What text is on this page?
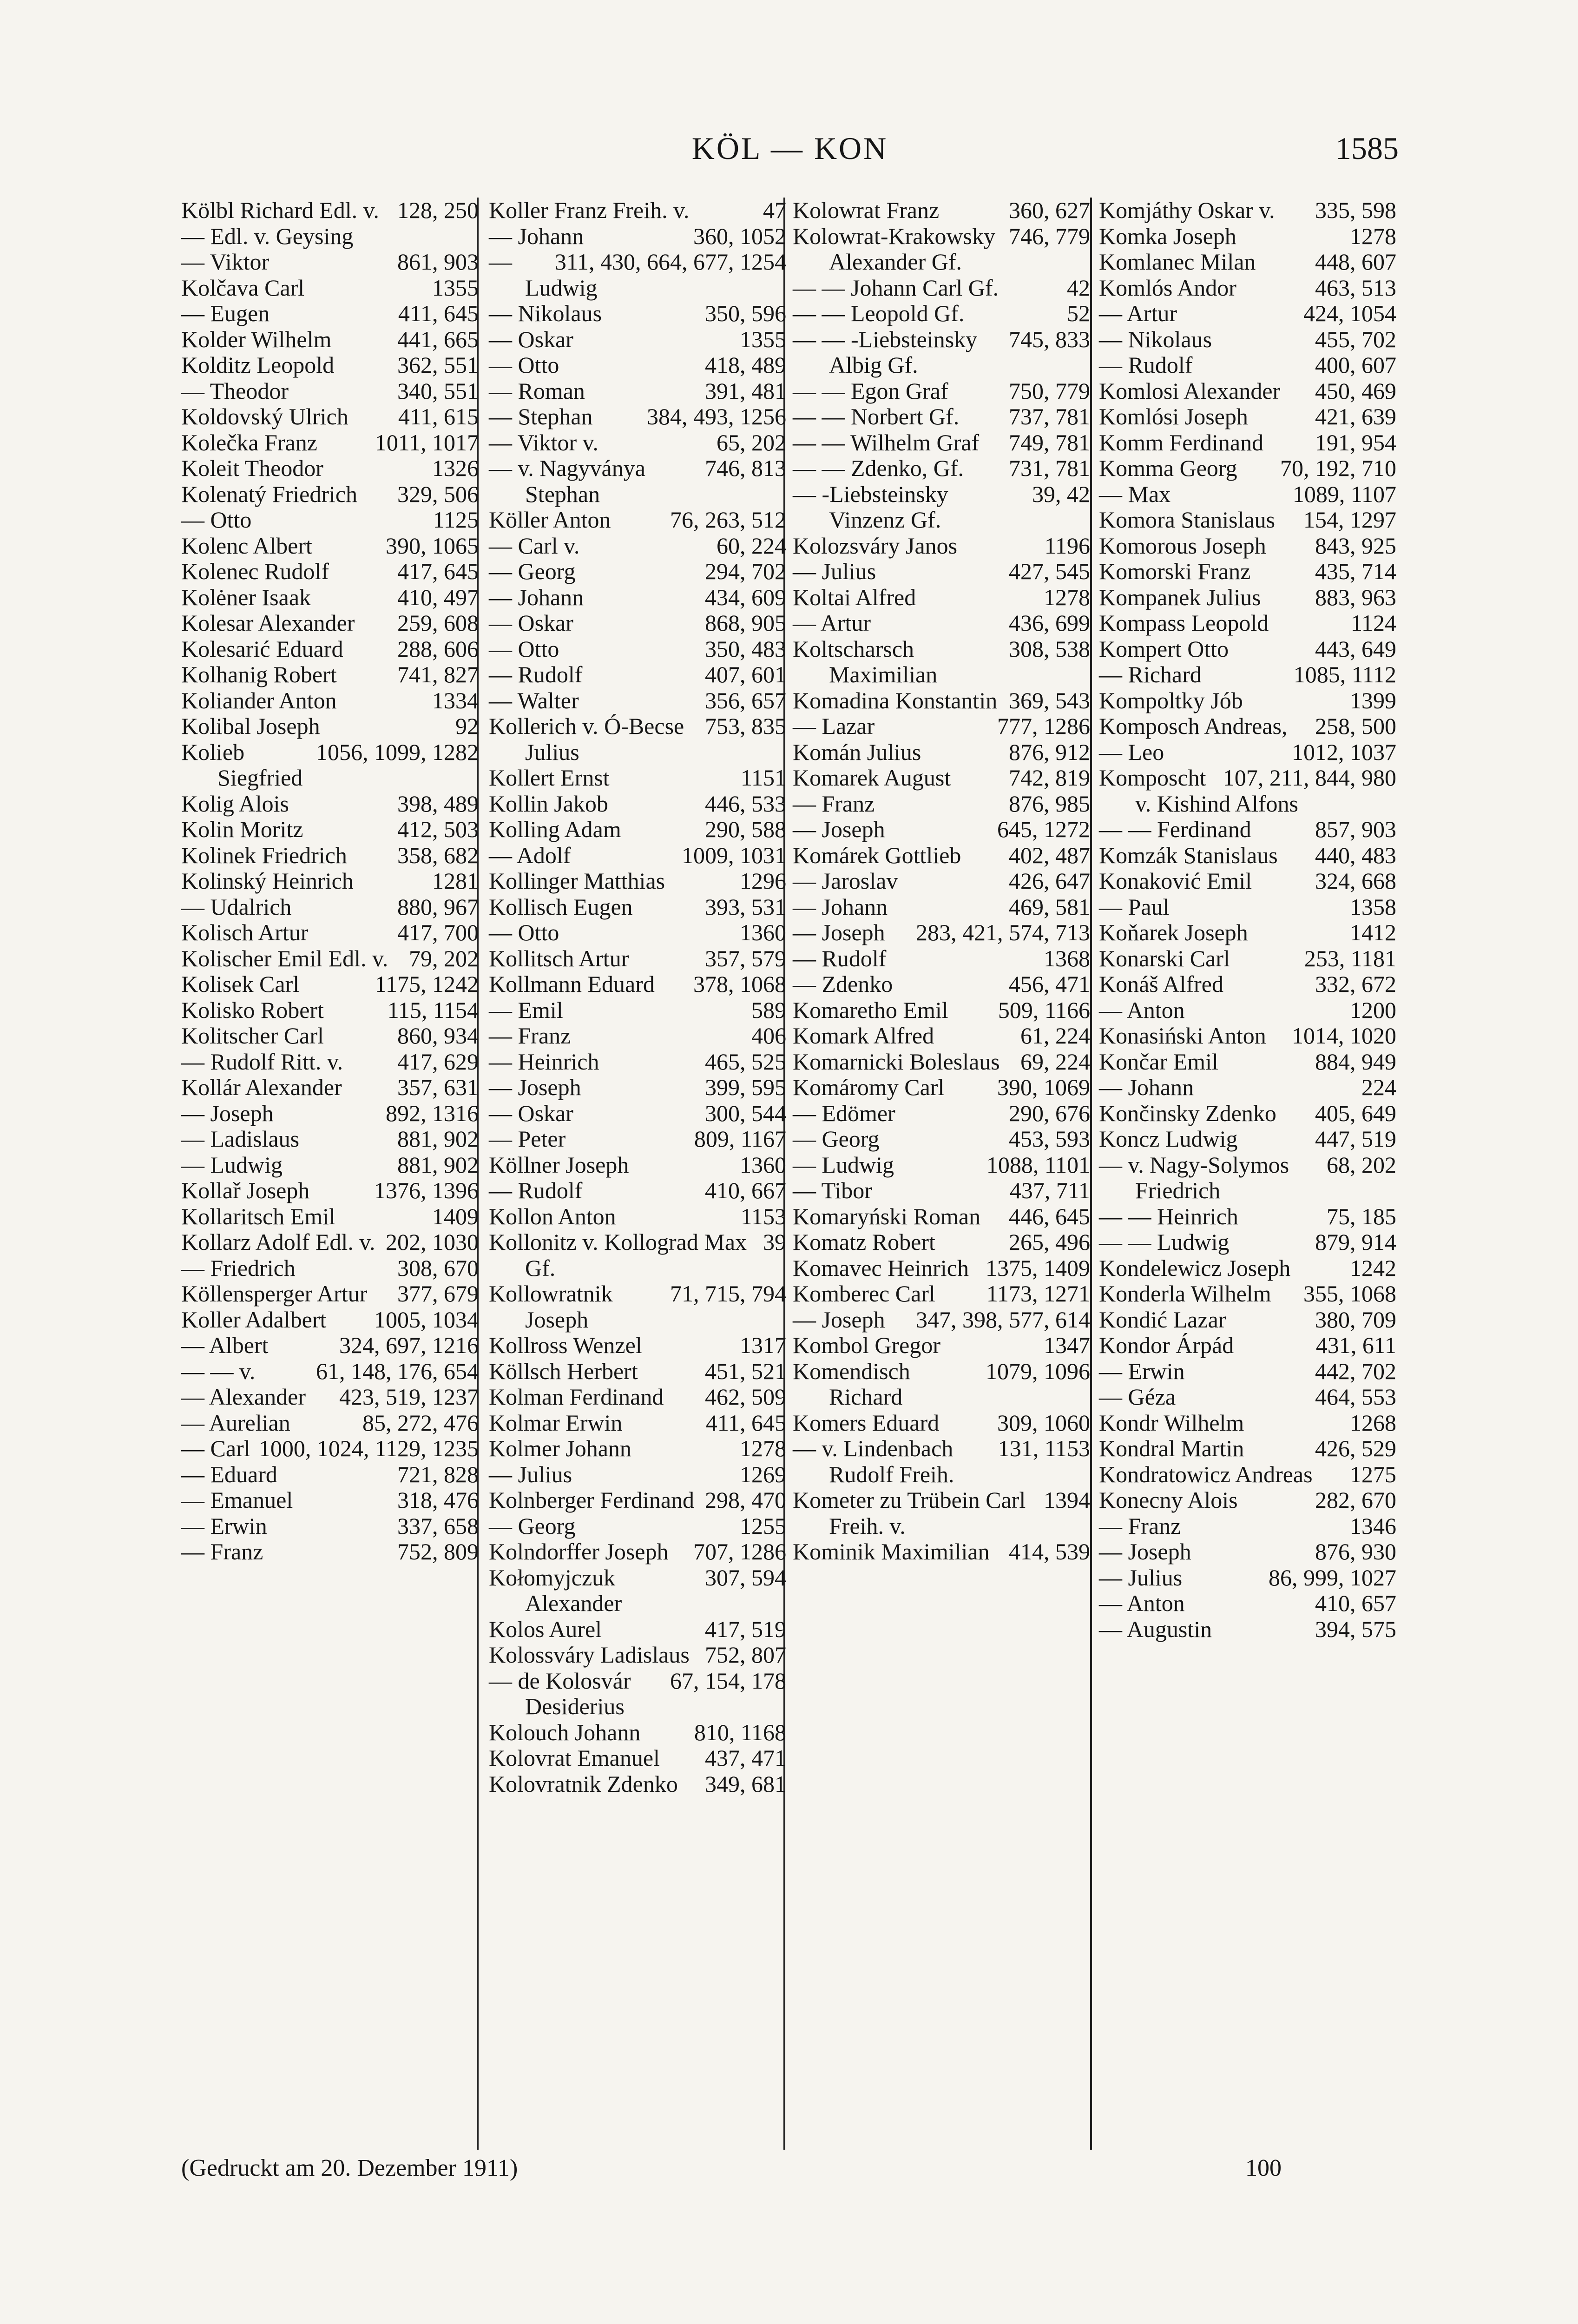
KÖL — KON	1585
128, 250
Kölbl Richard Edl. v.
— Edl. v. Geysing
861, 903
— Viktor
1355
Kolčava Carl
411, 645
— Eugen
441, 665
Kolder Wilhelm
362, 551
Kolditz Leopold
340, 551
— Theodor
411, 615
Koldovský Ulrich
1011, 1017
Kolečka Franz
1326
Koleit Theodor
329, 506
Kolenatý Friedrich
1125
— Otto
390, 1065
Kolenc Albert
417, 645
Kolenec Rudolf
410, 497
Kolėner Isaak
259, 608
Kolesar Alexander
288, 606
Kolesarić Eduard
741, 827
Kolhanig Robert
1334
Koliander Anton
92
Kolibal Joseph
1056, 1099, 1282
Kolieb Siegfried
398, 489
Kolig Alois
412, 503
Kolin Moritz
358, 682
Kolinek Friedrich
1281
Kolinský Heinrich
880, 967
— Udalrich
417, 700
Kolisch Artur
79, 202
Kolischer Emil Edl. v.
1175, 1242
Kolisek Carl
115, 1154
Kolisko Robert
860, 934
Kolitscher Carl
417, 629
— Rudolf Ritt. v.
357, 631
Kollár Alexander
892, 1316
— Joseph
881, 902
— Ladislaus
881, 902
— Ludwig
1376, 1396
Kollař Joseph
1409
Kollaritsch Emil
202, 1030
Kollarz Adolf Edl. v.
308, 670
— Friedrich
377, 679
Köllensperger Artur
1005, 1034
Koller Adalbert
324, 697, 1216
— Albert
61, 148, 176, 654
— — v.
423, 519, 1237
— Alexander
85, 272, 476
— Aurelian
1000, 1024, 1129, 1235
— Carl
721, 828
— Eduard
318, 476
— Emanuel
337, 658
— Erwin
752, 809
— Franz
47
Koller Franz Freih. v.
360, 1052
— Johann
311, 430, 664, 677, 1254
— Ludwig
350, 596
— Nikolaus
1355
— Oskar
418, 489
— Otto
391, 481
— Roman
384, 493, 1256
— Stephan
65, 202
— Viktor v.
746, 813
— v. Nagyványa Stephan
76, 263, 512
Köller Anton
60, 224
— Carl v.
294, 702
— Georg
434, 609
— Johann
868, 905
— Oskar
350, 483
— Otto
407, 601
— Rudolf
356, 657
— Walter
753, 835
Kollerich v. Ó-Becse Julius
1151
Kollert Ernst
446, 533
Kollin Jakob
290, 588
Kolling Adam
1009, 1031
— Adolf
1296
Kollinger Matthias
393, 531
Kollisch Eugen
1360
— Otto
357, 579
Kollitsch Artur
378, 1068
Kollmann Eduard
589
— Emil
406
— Franz
465, 525
— Heinrich
399, 595
— Joseph
300, 544
— Oskar
809, 1167
— Peter
1360
Köllner Joseph
410, 667
— Rudolf
1153
Kollon Anton
39
Kollonitz v. Kollograd Max Gf.
71, 715, 794
Kollowratnik Joseph
1317
Kollross Wenzel
451, 521
Köllsch Herbert
462, 509
Kolman Ferdinand
411, 645
Kolmar Erwin
1278
Kolmer Johann
1269
— Julius
298, 470
Kolnberger Ferdinand
1255
— Georg
707, 1286
Kolndorffer Joseph
307, 594
Kołomyjczuk Alexander
417, 519
Kolos Aurel
752, 807
Kolossváry Ladislaus
67, 154, 178
— de Kolosvár Desiderius
810, 1168
Kolouch Johann
437, 471
Kolovrat Emanuel
349, 681
Kolovratnik Zdenko
360, 627
Kolowrat Franz
746, 779
Kolowrat-Krakowsky Alexander Gf.
42
— — Johann Carl Gf.
52
— — Leopold Gf.
745, 833
— — -Liebsteinsky Albig Gf.
750, 779
— — Egon Graf
737, 781
— — Norbert Gf.
749, 781
— — Wilhelm Graf
731, 781
— — Zdenko, Gf.
39, 42
— -Liebsteinsky Vinzenz Gf.
1196
Kolozsváry Janos
427, 545
— Julius
1278
Koltai Alfred
436, 699
— Artur
308, 538
Koltscharsch Maximilian
369, 543
Komadina Konstantin
777, 1286
— Lazar
876, 912
Komán Julius
742, 819
Komarek August
876, 985
— Franz
645, 1272
— Joseph
402, 487
Komárek Gottlieb
426, 647
— Jaroslav
469, 581
— Johann
283, 421, 574, 713
— Joseph
1368
— Rudolf
456, 471
— Zdenko
509, 1166
Komaretho Emil
61, 224
Komark Alfred
69, 224
Komarnicki Boleslaus
390, 1069
Komáromy Carl
290, 676
— Edömer
453, 593
— Georg
1088, 1101
— Ludwig
437, 711
— Tibor
446, 645
Komaryński Roman
265, 496
Komatz Robert
1375, 1409
Komavec Heinrich
1173, 1271
Komberec Carl
347, 398, 577, 614
— Joseph
1347
Kombol Gregor
1079, 1096
Komendisch Richard
309, 1060
Komers Eduard
131, 1153
— v. Lindenbach Rudolf Freih.
1394
Kometer zu Trübein Carl Freih. v.
414, 539
Kominik Maximilian
335, 598
Komjáthy Oskar v.
1278
Komka Joseph
448, 607
Komlanec Milan
463, 513
Komlós Andor
424, 1054
— Artur
455, 702
— Nikolaus
400, 607
— Rudolf
450, 469
Komlosi Alexander
421, 639
Komlósi Joseph
191, 954
Komm Ferdinand
70, 192, 710
Komma Georg
1089, 1107
— Max
154, 1297
Komora Stanislaus
843, 925
Komorous Joseph
435, 714
Komorski Franz
883, 963
Kompanek Julius
1124
Kompass Leopold
443, 649
Kompert Otto
1085, 1112
— Richard
1399
Kompoltky Jób
258, 500
Komposch Andreas,
1012, 1037
— Leo
107, 211, 844, 980
Komposcht v. Kishind Alfons
857, 903
— — Ferdinand
440, 483
Komzák Stanislaus
324, 668
Konaković Emil
1358
— Paul
1412
Koňarek Joseph
253, 1181
Konarski Carl
332, 672
Konáš Alfred
1200
— Anton
1014, 1020
Konasiński Anton
884, 949
Končar Emil
224
— Johann
405, 649
Končinsky Zdenko
447, 519
Koncz Ludwig
68, 202
— v. Nagy-Solymos Friedrich
75, 185
— — Heinrich
879, 914
— — Ludwig
1242
Kondelewicz Joseph
355, 1068
Konderla Wilhelm
380, 709
Kondić Lazar
431, 611
Kondor Árpád
442, 702
— Erwin
464, 553
— Géza
1268
Kondr Wilhelm
426, 529
Kondral Martin
1275
Kondratowicz Andreas
282, 670
Konecny Alois
1346
— Franz
876, 930
— Joseph
86, 999, 1027
— Julius
410, 657
— Anton
394, 575
— Augustin
(Gedruckt am 20. Dezember 1911)	100
